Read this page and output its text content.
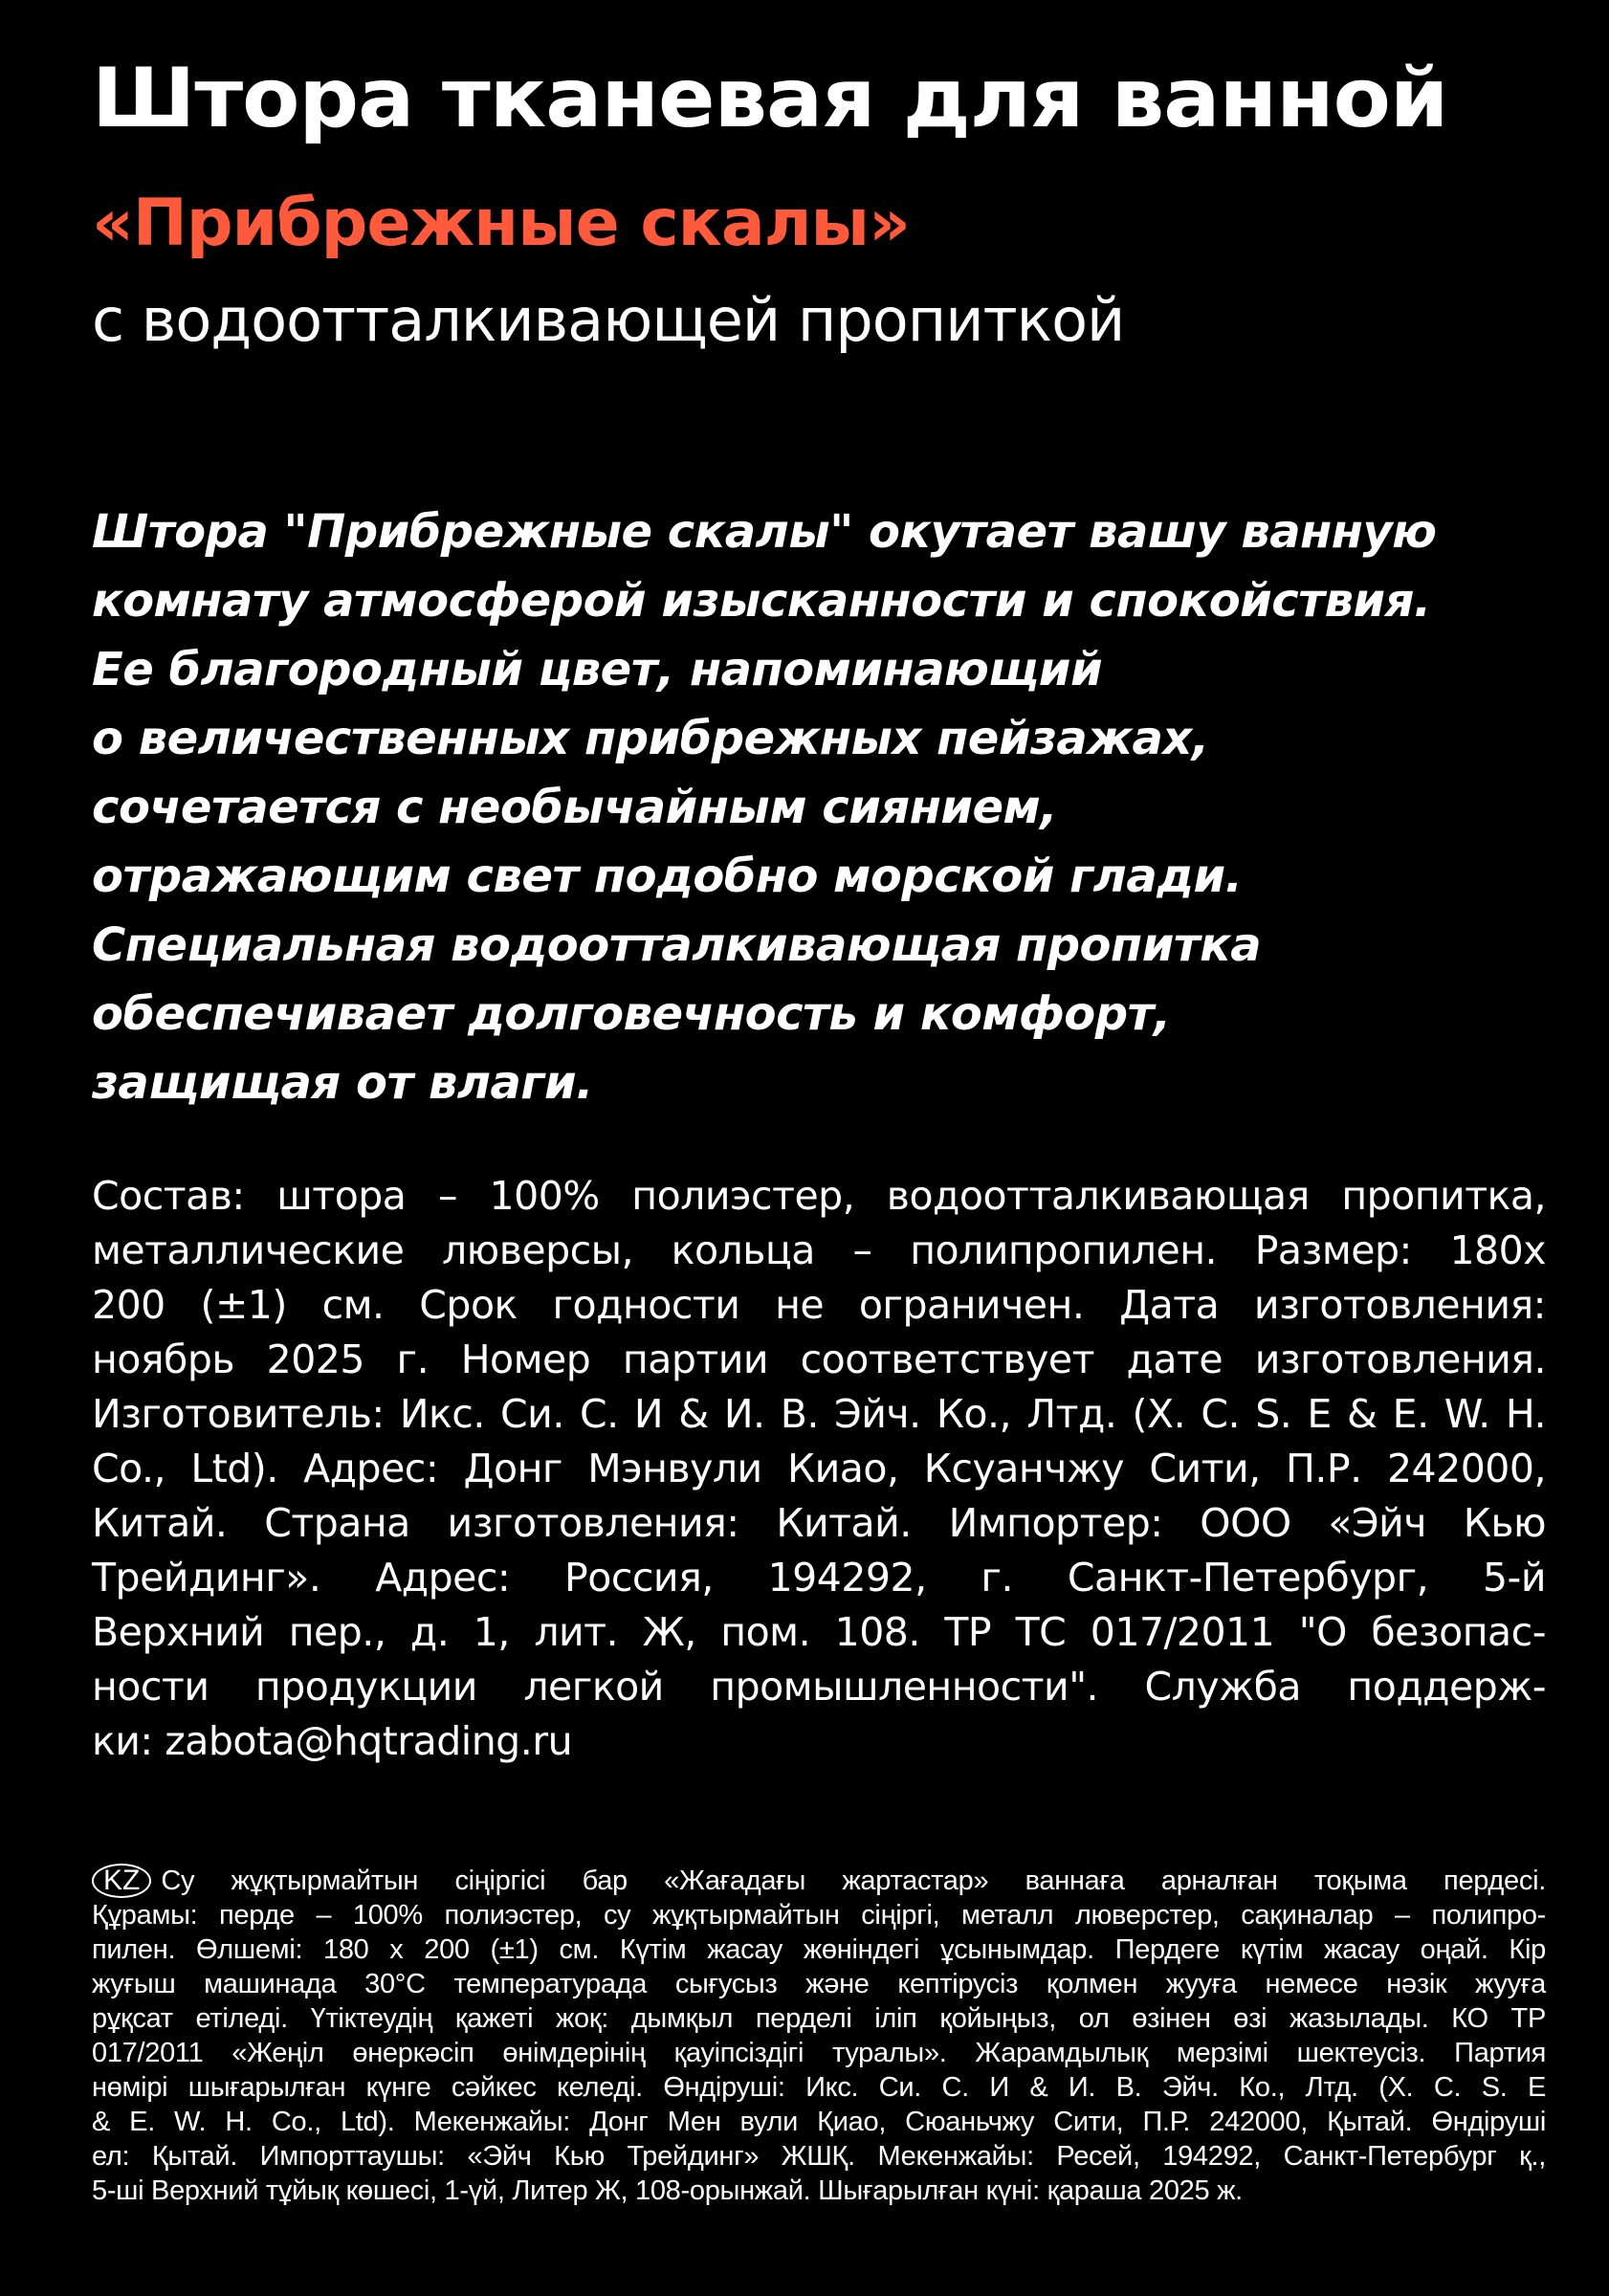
Штора тканевая для ванной
«Прибрежные скалы»
с водоотталкивающей пропиткой
Штора "Прибрежные скалы" окутает вашу ванную
комнату атмосферой изысканности и спокойствия.
Ее благородный цвет, напоминающий
о величественных прибрежных пейзажах,
сочетается с необычайным сиянием,
отражающим свет подобно морской глади.
Специальная водоотталкивающая пропитка
обеспечивает долговечность и комфорт,
защищая от влаги.
Состав: штора – 100% полиэстер, водоотталкивающая пропитка,
металлические люверсы, кольца – полипропилен. Размер: 180х
200 (±1) см. Срок годности не ограничен. Дата изготовления:
ноябрь 2025 г. Номер партии соответствует дате изготовления.
Изготовитель: Икс. Си. С. И & И. В. Эйч. Ко., Лтд. (X. C. S. E & E. W. H.
Co., Ltd). Адрес: Донг Мэнвули Киао, Ксуанчжу Сити, П.Р. 242000,
Китай. Страна изготовления: Китай. Импортер: ООО «Эйч Кью
Трейдинг». Адрес: Россия, 194292, г. Санкт-Петербург, 5-й
Верхний пер., д. 1, лит. Ж, пом. 108. ТР ТС 017/2011 "О безопас-
ности продукции легкой промышленности". Служба поддерж-
ки: zabota@hqtrading.ru
KZ Су жұқтырмайтын сіңіргісі бар «Жағадағы жартастар» ваннаға арналған тоқыма пердесі.
Құрамы: перде – 100% полиэстер, су жұқтырмайтын сіңіргі, металл люверстер, сақиналар – полипро-
пилен. Өлшемі: 180 х 200 (±1) см. Күтім жасау жөніндегі ұсынымдар. Пердеге күтім жасау оңай. Кір
жуғыш машинада 30°С температурада сығусыз және кептірусіз қолмен жууға немесе нәзік жууға
рұқсат етіледі. Үтіктеудің қажеті жоқ: дымқыл перделі іліп қойыңыз, ол өзінен өзі жазылады. КО ТР
017/2011 «Жеңіл өнеркәсіп өнімдерінің қауіпсіздігі туралы». Жарамдылық мерзімі шектеусіз. Партия
нөмірі шығарылған күнге сәйкес келеді. Өндіруші: Икс. Си. С. И & И. В. Эйч. Ко., Лтд. (X. C. S. E
& E. W. H. Co., Ltd). Мекенжайы: Донг Мен вули Қиао, Сюаньчжу Сити, П.Р. 242000, Қытай. Өндіруші
ел: Қытай. Импорттаушы: «Эйч Кью Трейдинг» ЖШҚ. Мекенжайы: Ресей, 194292, Санкт-Петербург қ.,
5-ші Верхний тұйық көшесі, 1-үй, Литер Ж, 108-орынжай. Шығарылған күні: қараша 2025 ж.
